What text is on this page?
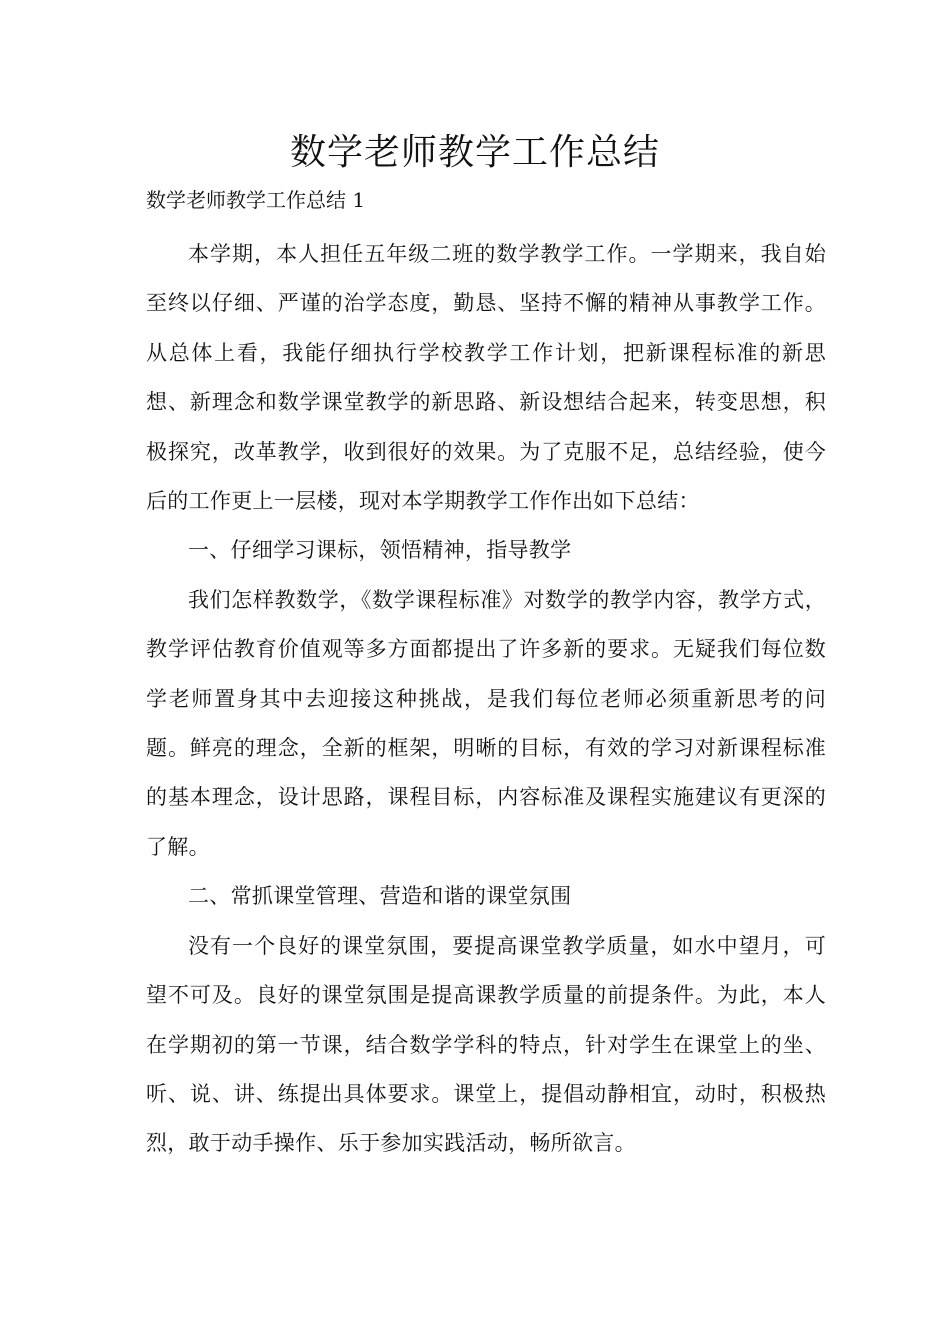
数学老师教学工作总结
数学老师教学工作总结 1

本学期，本人担任五年级二班的数学教学工作。一学期来，我自始至终以仔细、严谨的治学态度，勤恳、坚持不懈的精神从事教学工作。从总体上看，我能仔细执行学校教学工作计划，把新课程标准的新思想、新理念和数学课堂教学的新思路、新设想结合起来，转变思想，积极探究，改革教学，收到很好的效果。为了克服不足，总结经验，使今后的工作更上一层楼，现对本学期教学工作作出如下总结：

一、仔细学习课标，领悟精神，指导教学

我们怎样教数学，《数学课程标准》对数学的教学内容，教学方式，教学评估教育价值观等多方面都提出了许多新的要求。无疑我们每位数学老师置身其中去迎接这种挑战，是我们每位老师必须重新思考的问题。鲜亮的理念，全新的框架，明晰的目标，有效的学习对新课程标准的基本理念，设计思路，课程目标，内容标准及课程实施建议有更深的了解。

二、常抓课堂管理、营造和谐的课堂氛围

没有一个良好的课堂氛围，要提高课堂教学质量，如水中望月，可望不可及。良好的课堂氛围是提高课教学质量的前提条件。为此，本人在学期初的第一节课，结合数学学科的特点，针对学生在课堂上的坐、听、说、讲、练提出具体要求。课堂上，提倡动静相宜，动时，积极热烈，敢于动手操作、乐于参加实践活动，畅所欲言。
